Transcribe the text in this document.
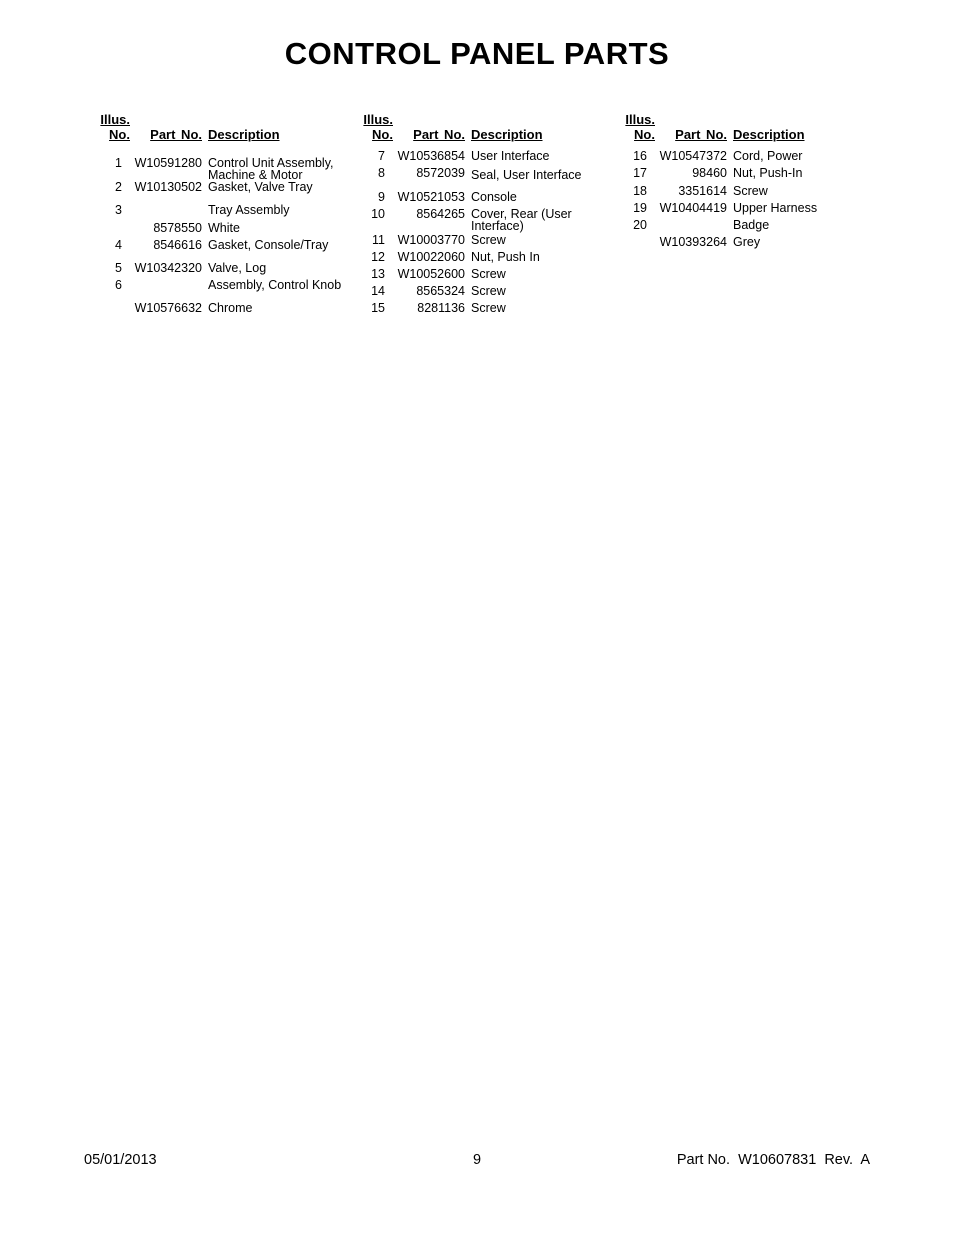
CONTROL PANEL PARTS
Illus.
No. Part No. Description
1 W10591280 Control Unit Assembly, Machine & Motor
2 W10130502 Gasket, Valve Tray
3	Tray Assembly
8578550 White
4	8546616 Gasket, Console/Tray
5 W10342320 Valve, Log
6	Assembly, Control Knob
W10576632 Chrome
Illus.
No. Part No. Description
7 W10536854 User Interface
8	8572039 Seal, User Interface
9 W10521053 Console
10	8564265 Cover, Rear (User Interface)
11 W10003770 Screw
12 W10022060 Nut, Push In
13 W10052600 Screw
14	8565324 Screw
15	8281136 Screw
Illus.
No. Part No. Description
16 W10547372 Cord, Power
17	98460 Nut, Push-In
18	3351614 Screw
19 W10404419 Upper Harness
20	Badge
W10393264 Grey
05/01/2013	9	Part No.  W10607831  Rev.  A
